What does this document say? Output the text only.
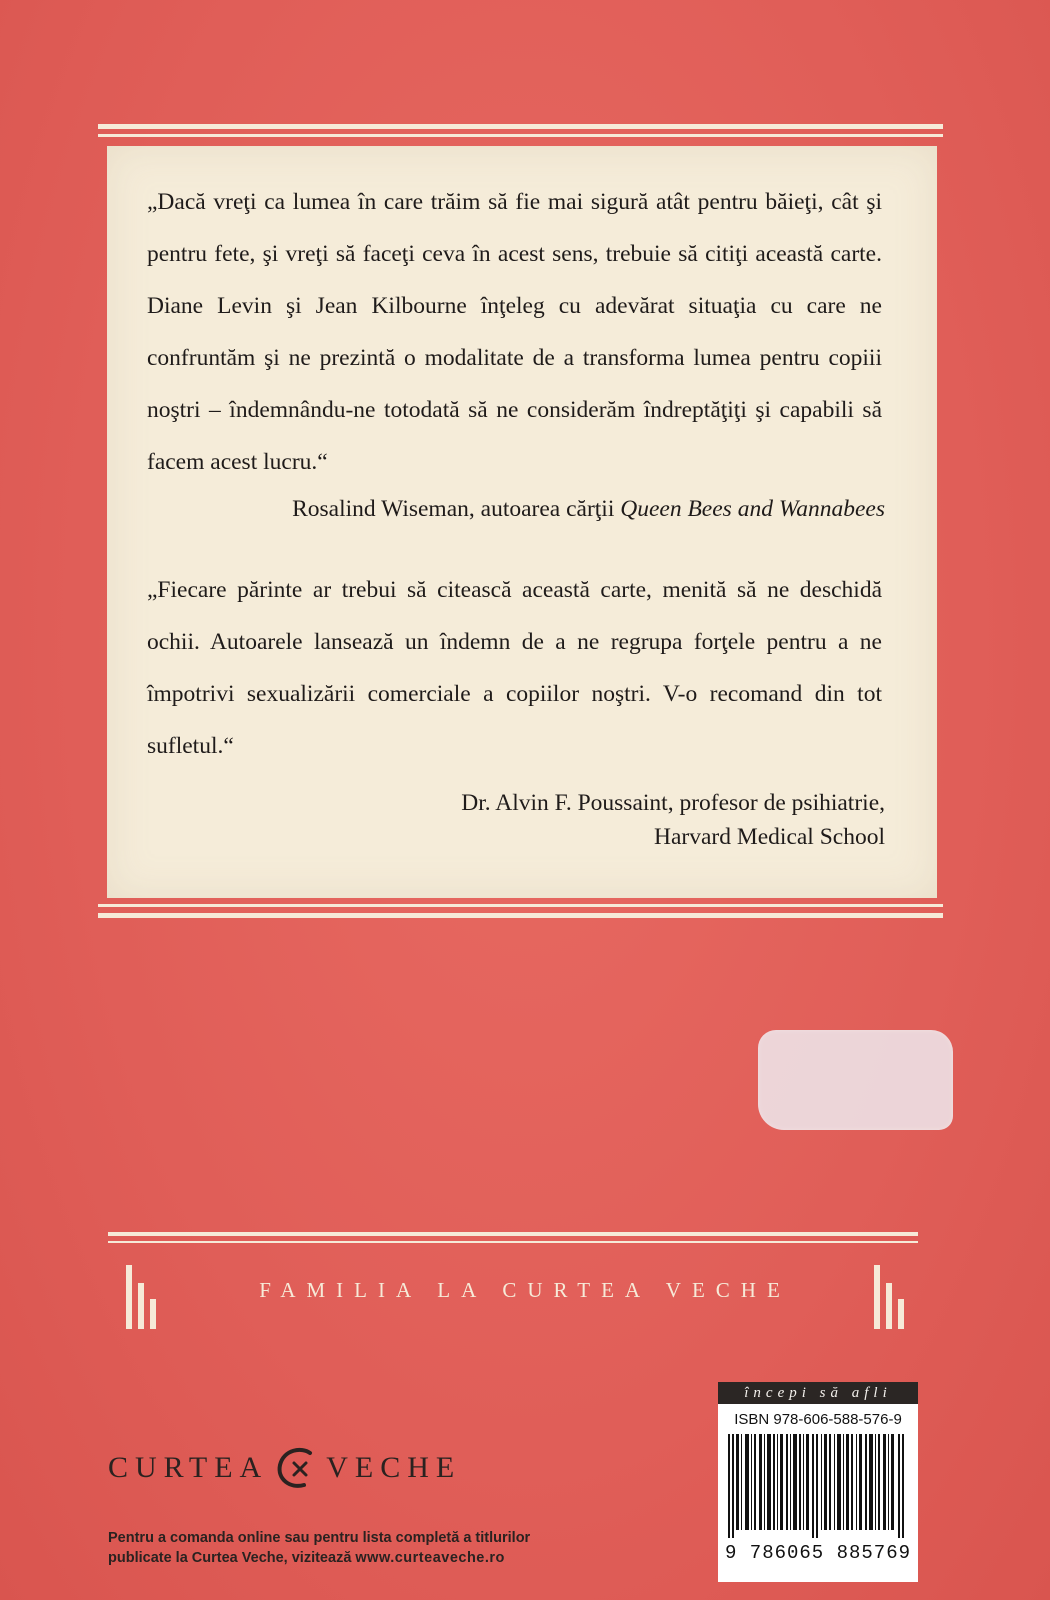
„Dacă vreţi ca lumea în care trăim să fie mai sigură atât pentru băieţi, cât şi pentru fete, şi vreţi să faceţi ceva în acest sens, trebuie să citiţi această carte. Diane Levin şi Jean Kilbourne înţeleg cu adevărat situaţia cu care ne confruntăm şi ne prezintă o modalitate de a transforma lumea pentru copiii noştri – îndemnându-ne totodată să ne considerăm îndreptăţiţi şi capabili să facem acest lucru.“
Rosalind Wiseman, autoarea cărţii Queen Bees and Wannabees
„Fiecare părinte ar trebui să citească această carte, menită să ne deschidă ochii. Autoarele lansează un îndemn de a ne regrupa forţele pentru a ne împotrivi sexualizării comerciale a copiilor noştri. V-o recomand din tot sufletul.“
Dr. Alvin F. Poussaint, profesor de psihiatrie,
Harvard Medical School
FAMILIA LA CURTEA VECHE
începi să afli
ISBN 978-606-588-576-9
9 786065 885769
CURTEA VECHE
Pentru a comanda online sau pentru lista completă a titlurilor
publicate la Curtea Veche, vizitează www.curteaveche.ro
